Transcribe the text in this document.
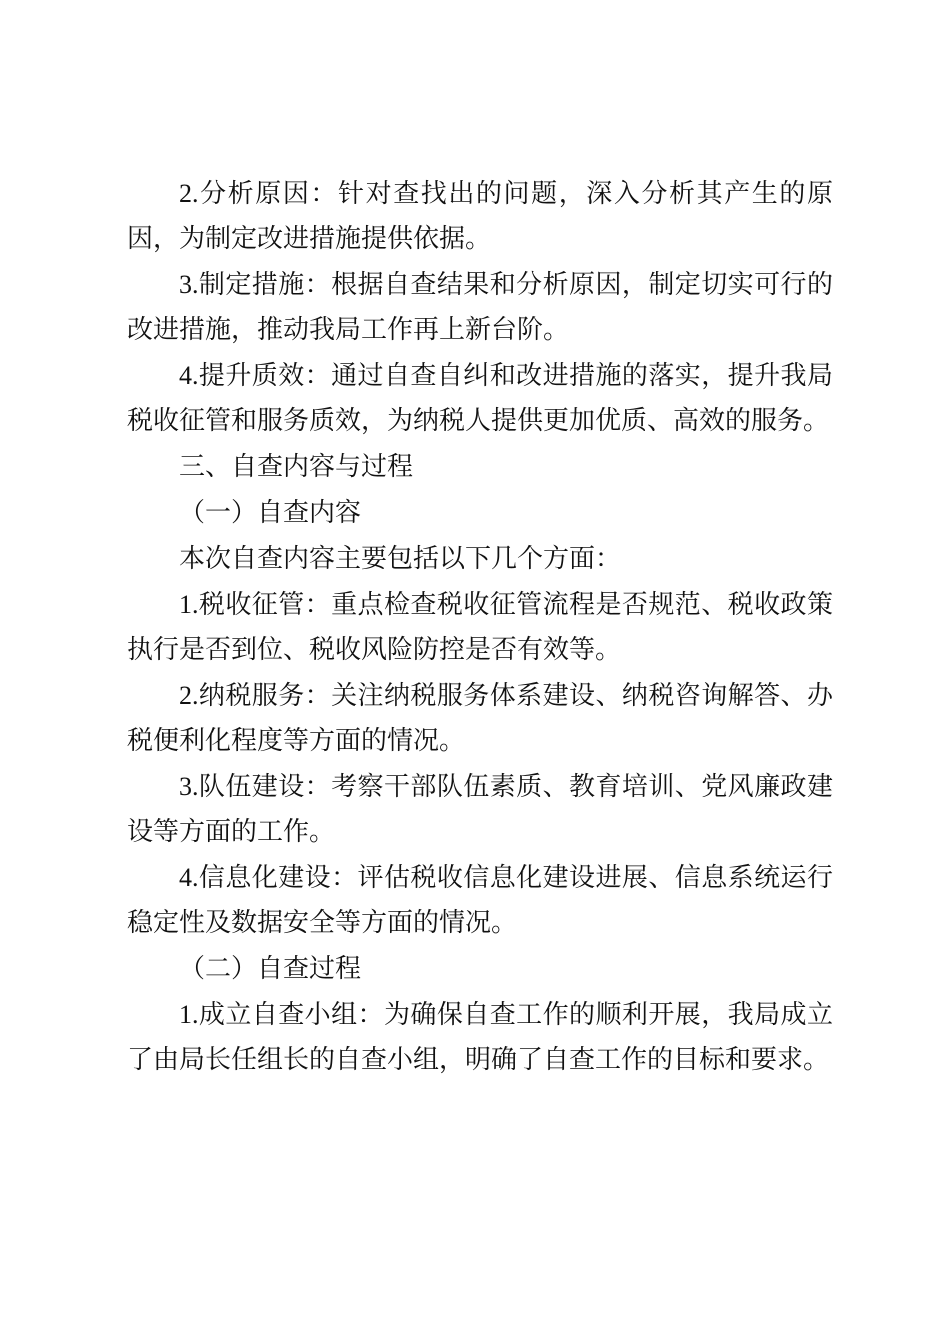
2.分析原因：针对查找出的问题，深入分析其产生的原因，为制定改进措施提供依据。

3.制定措施：根据自查结果和分析原因，制定切实可行的改进措施，推动我局工作再上新台阶。

4.提升质效：通过自查自纠和改进措施的落实，提升我局税收征管和服务质效，为纳税人提供更加优质、高效的服务。

三、自查内容与过程

（一）自查内容

本次自查内容主要包括以下几个方面：

1.税收征管：重点检查税收征管流程是否规范、税收政策执行是否到位、税收风险防控是否有效等。

2.纳税服务：关注纳税服务体系建设、纳税咨询解答、办税便利化程度等方面的情况。

3.队伍建设：考察干部队伍素质、教育培训、党风廉政建设等方面的工作。

4.信息化建设：评估税收信息化建设进展、信息系统运行稳定性及数据安全等方面的情况。

（二）自查过程

1.成立自查小组：为确保自查工作的顺利开展，我局成立了由局长任组长的自查小组，明确了自查工作的目标和要求。
